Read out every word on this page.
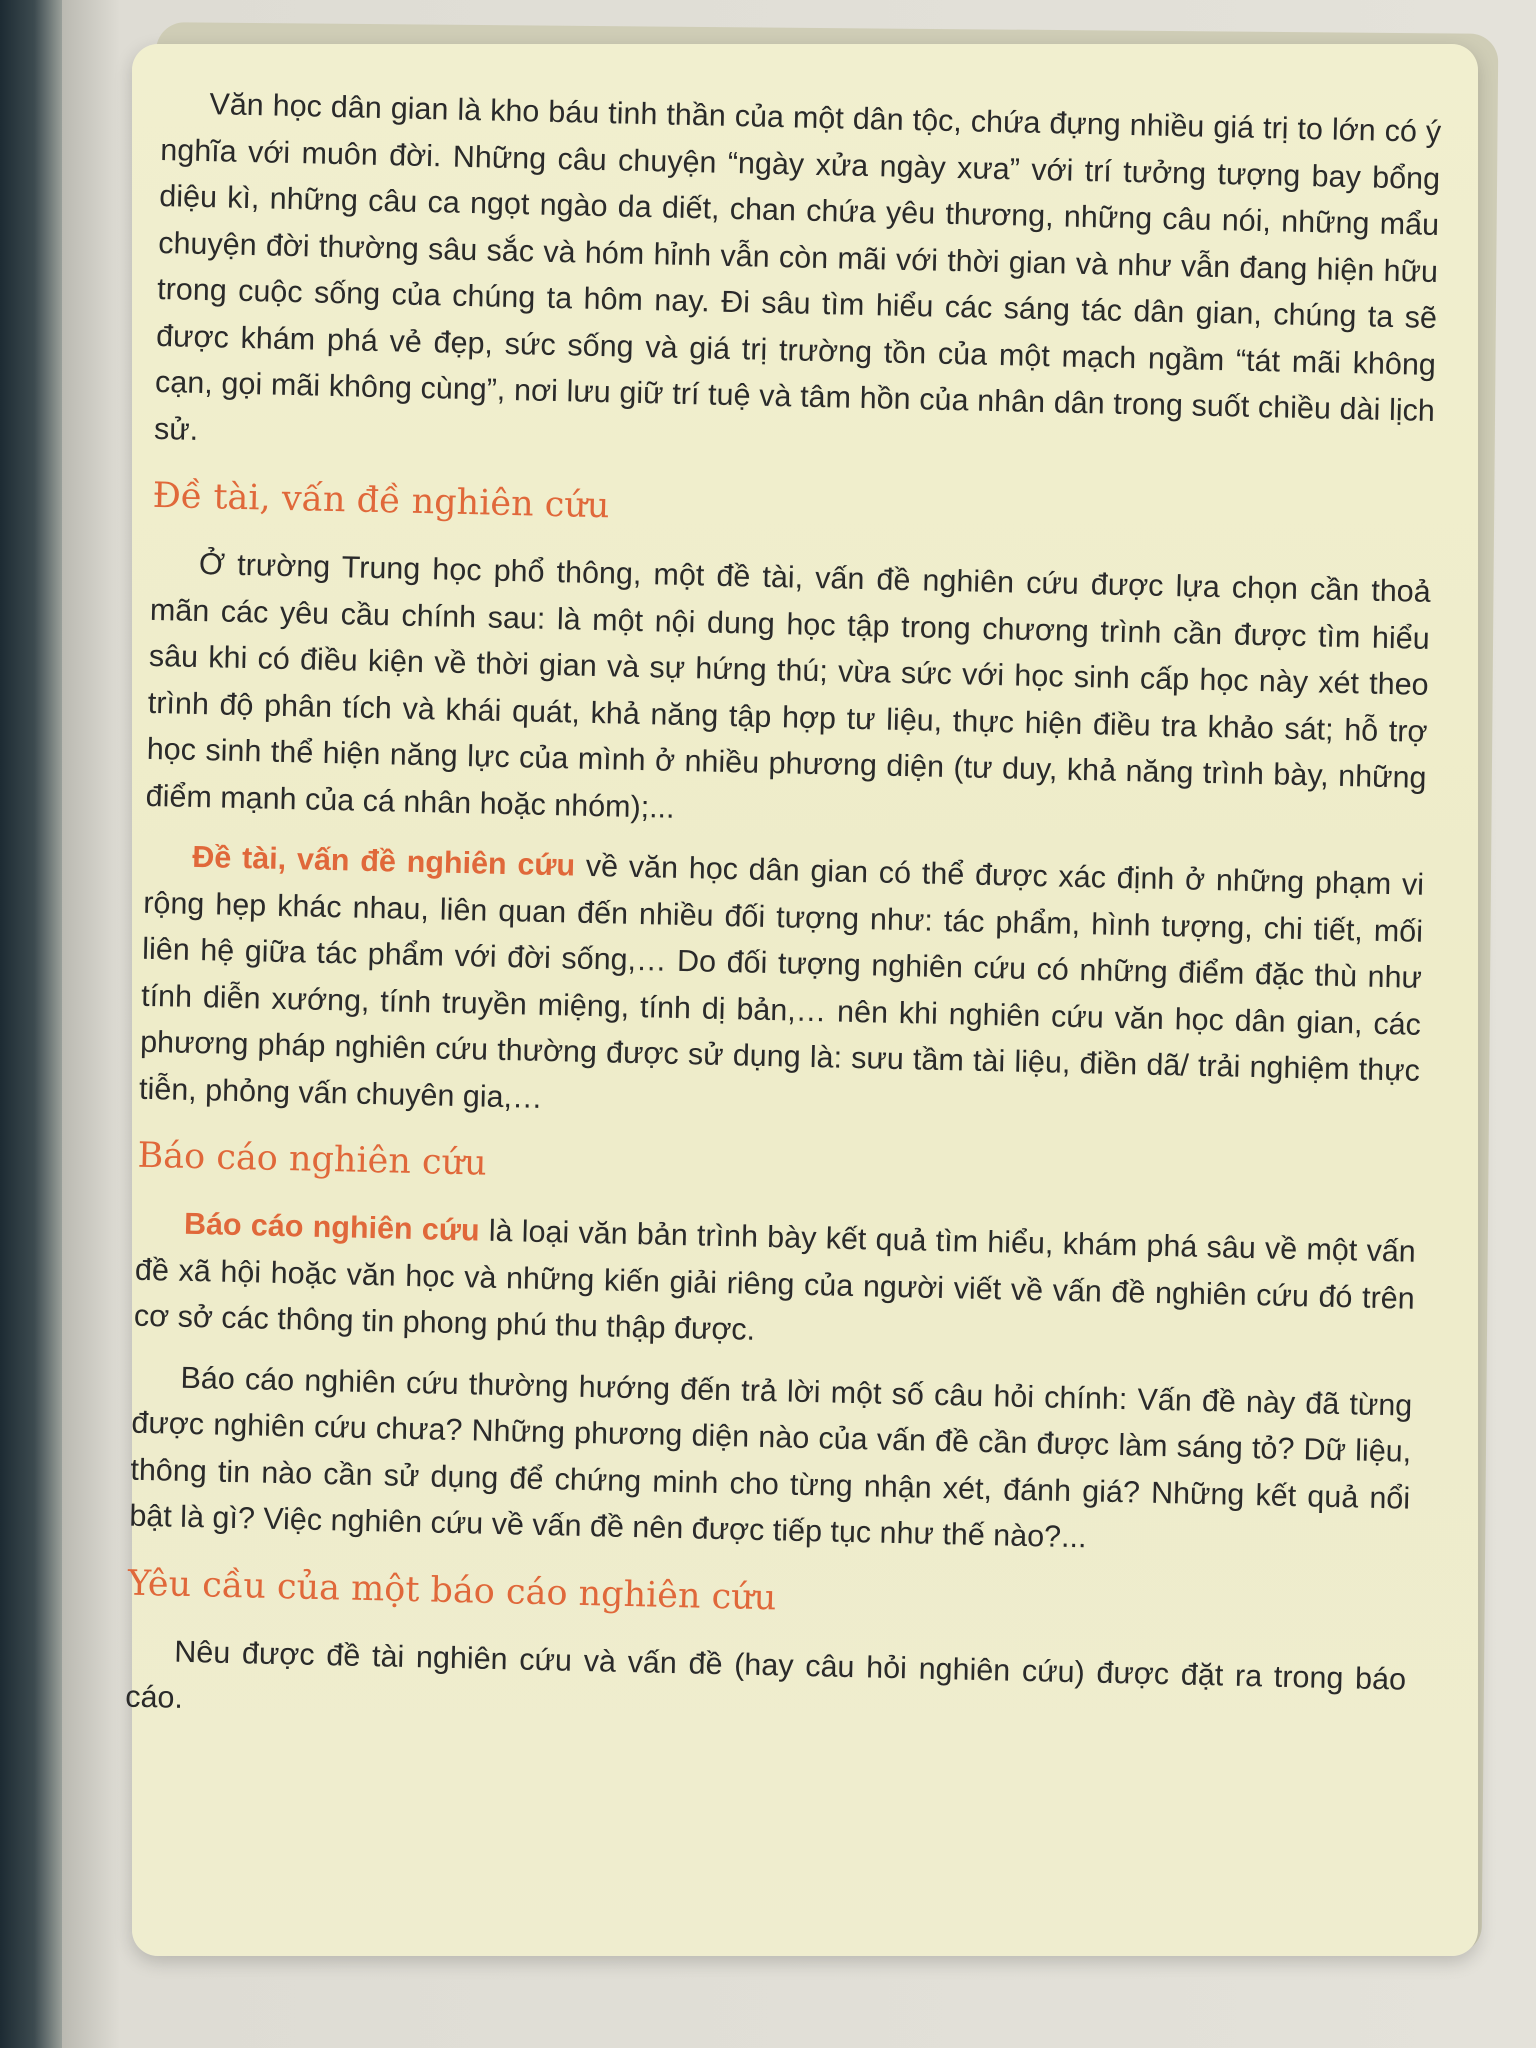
Văn học dân gian là kho báu tinh thần của một dân tộc, chứa đựng nhiều giá trị to lớn có ý nghĩa với muôn đời. Những câu chuyện “ngày xửa ngày xưa” với trí tưởng tượng bay bổng diệu kì, những câu ca ngọt ngào da diết, chan chứa yêu thương, những câu nói, những mẩu chuyện đời thường sâu sắc và hóm hỉnh vẫn còn mãi với thời gian và như vẫn đang hiện hữu trong cuộc sống của chúng ta hôm nay. Đi sâu tìm hiểu các sáng tác dân gian, chúng ta sẽ được khám phá vẻ đẹp, sức sống và giá trị trường tồn của một mạch ngầm “tát mãi không cạn, gọi mãi không cùng”, nơi lưu giữ trí tuệ và tâm hồn của nhân dân trong suốt chiều dài lịch sử.

Đề tài, vấn đề nghiên cứu

Ở trường Trung học phổ thông, một đề tài, vấn đề nghiên cứu được lựa chọn cần thoả mãn các yêu cầu chính sau: là một nội dung học tập trong chương trình cần được tìm hiểu sâu khi có điều kiện về thời gian và sự hứng thú; vừa sức với học sinh cấp học này xét theo trình độ phân tích và khái quát, khả năng tập hợp tư liệu, thực hiện điều tra khảo sát; hỗ trợ học sinh thể hiện năng lực của mình ở nhiều phương diện (tư duy, khả năng trình bày, những điểm mạnh của cá nhân hoặc nhóm);...

Đề tài, vấn đề nghiên cứu về văn học dân gian có thể được xác định ở những phạm vi rộng hẹp khác nhau, liên quan đến nhiều đối tượng như: tác phẩm, hình tượng, chi tiết, mối liên hệ giữa tác phẩm với đời sống,… Do đối tượng nghiên cứu có những điểm đặc thù như tính diễn xướng, tính truyền miệng, tính dị bản,… nên khi nghiên cứu văn học dân gian, các phương pháp nghiên cứu thường được sử dụng là: sưu tầm tài liệu, điền dã/ trải nghiệm thực tiễn, phỏng vấn chuyên gia,…

Báo cáo nghiên cứu

Báo cáo nghiên cứu là loại văn bản trình bày kết quả tìm hiểu, khám phá sâu về một vấn đề xã hội hoặc văn học và những kiến giải riêng của người viết về vấn đề nghiên cứu đó trên cơ sở các thông tin phong phú thu thập được.

Báo cáo nghiên cứu thường hướng đến trả lời một số câu hỏi chính: Vấn đề này đã từng được nghiên cứu chưa? Những phương diện nào của vấn đề cần được làm sáng tỏ? Dữ liệu, thông tin nào cần sử dụng để chứng minh cho từng nhận xét, đánh giá? Những kết quả nổi bật là gì? Việc nghiên cứu về vấn đề nên được tiếp tục như thế nào?...

Yêu cầu của một báo cáo nghiên cứu

Nêu được đề tài nghiên cứu và vấn đề (hay câu hỏi nghiên cứu) được đặt ra trong báo cáo.
